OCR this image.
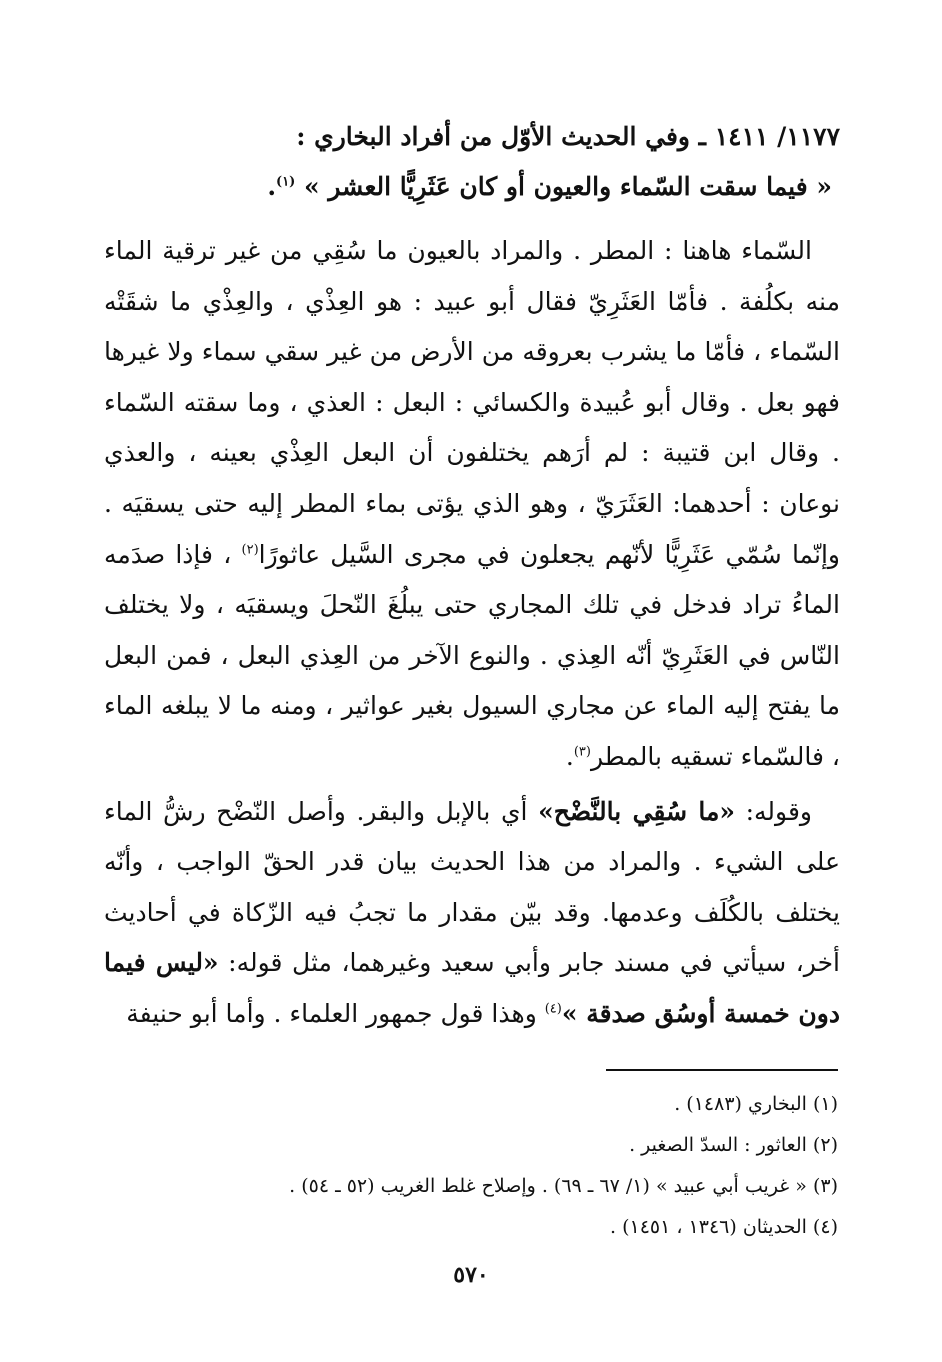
١١٧٧/ ١٤١١ ـ وفي الحديث الأوّل من أفراد البخاري :
« فيما سقت السّماء والعيون أو كان عَثَرِيًّا العشر » $^{(١)}$.

السّماء هاهنا : المطر . والمراد بالعيون ما سُقِي من غير ترقية الماء منه بكلُفة . فأمّا العَثَرِيّ فقال أبو عبيد : هو العِذْي ، والعِذْي ما شقَتْه السّماء ، فأمّا ما يشرب بعروقه من الأرض من غير سقي سماء ولا غيرها فهو بعل . وقال أبو عُبيدة والكسائي : البعل : العذي ، وما سقته السّماء . وقال ابن قتيبة : لم أرَهم يختلفون أن البعل العِذْي بعينه ، والعذي نوعان : أحدهما: العَثَرَيّ ، وهو الذي يؤتى بماء المطر إليه حتى يسقيَه . وإنّما سُمّي عَثَرِيًّا لأنّهم يجعلون في مجرى السَّيل عاثورًا$^{(٢)}$ ، فإذا صدَمه الماءُ تراد فدخل في تلك المجاري حتى يبلُغَ النّحلَ ويسقيَه ، ولا يختلف النّاس في العَثَرِيّ أنّه العِذي . والنوع الآخر من العِذي البعل ، فمن البعل ما يفتح إليه الماء عن مجاري السيول بغير عواثير ، ومنه ما لا يبلغه الماء ، فالسّماء تسقيه بالمطر$^{(٣)}$.

وقوله: «ما سُقِي بالنَّضْح» أي بالإبل والبقر. وأصل النّضْح رشُّ الماء على الشيء . والمراد من هذا الحديث بيان قدر الحقّ الواجب ، وأنّه يختلف بالكُلَف وعدمها. وقد بيّن مقدار ما تجبُ فيه الزّكاة في أحاديث أخر، سيأتي في مسند جابر وأبي سعيد وغيرهما، مثل قوله: «ليس فيما دون خمسة أوسُق صدقة »$^{(٤)}$ وهذا قول جمهور العلماء . وأما أبو حنيفة

(١) البخاري (١٤٨٣) .
(٢) العاثور : السدّ الصغير .
(٣) « غريب أبي عبيد » (١/ ٦٧ ـ ٦٩) . وإصلاح غلط الغريب (٥٢ ـ ٥٤) .
(٤) الحديثان (١٣٤٦ ، ١٤٥١) .
٥٧٠
